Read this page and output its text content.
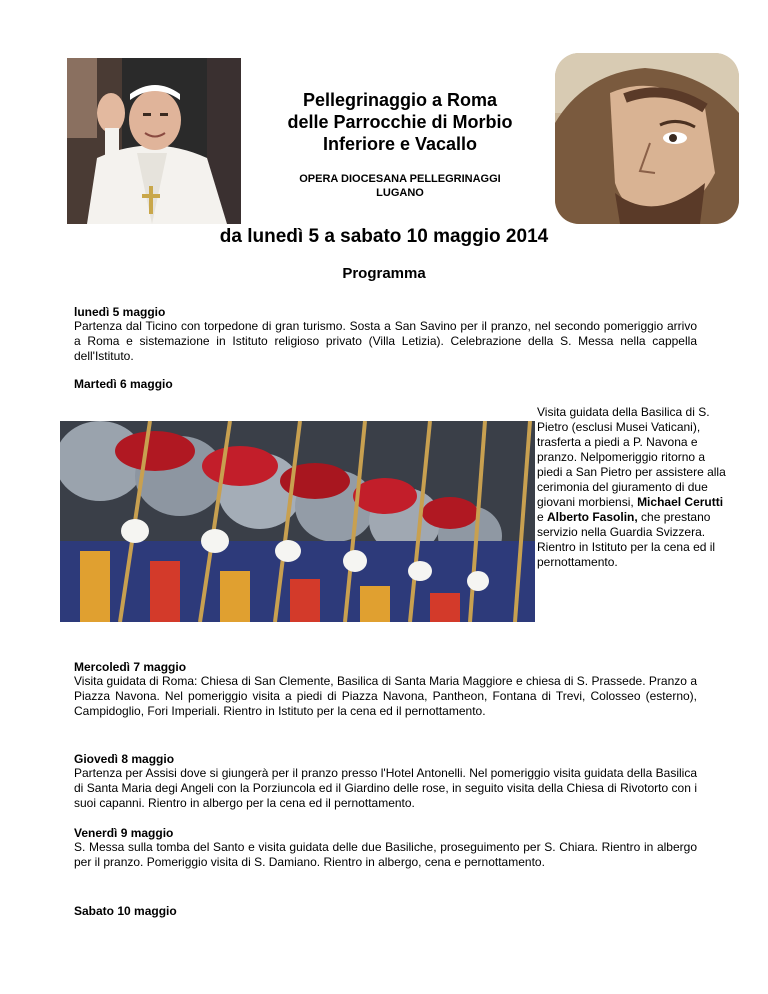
Pellegrinaggio a Roma
delle Parrocchie di Morbio
Inferiore e Vacallo
OPERA DIOCESANA PELLEGRINAGGI
LUGANO
da lunedì 5 a sabato 10 maggio 2014
Programma
lunedì 5 maggio
Partenza dal Ticino con torpedone di gran turismo. Sosta a San Savino per il pranzo, nel secondo pomeriggio arrivo a Roma e sistemazione in Istituto religioso privato (Villa Letizia). Celebrazione della S. Messa nella cappella dell'Istituto.
Martedì 6 maggio
Visita guidata della Basilica di S. Pietro (esclusi Musei Vaticani), trasferta a piedi a P. Navona e pranzo. Nelpomeriggio ritorno a piedi a San Pietro per assistere alla cerimonia del giuramento di due giovani morbiensi, Michael Cerutti e Alberto Fasolin, che prestano servizio nella Guardia Svizzera. Rientro in Istituto per la cena ed il pernottamento.
Mercoledì 7 maggio
Visita guidata di Roma: Chiesa di San Clemente, Basilica di Santa Maria Maggiore e chiesa di S. Prassede. Pranzo a Piazza Navona. Nel pomeriggio visita a piedi di Piazza Navona, Pantheon, Fontana di Trevi, Colosseo (esterno), Campidoglio, Fori Imperiali. Rientro in Istituto per la cena ed il pernottamento.
Giovedì 8 maggio
Partenza per Assisi dove si giungerà per il pranzo presso l'Hotel Antonelli. Nel pomeriggio visita guidata della Basilica di Santa Maria degi Angeli con la Porziuncola ed il Giardino delle rose, in seguito visita della Chiesa di Rivotorto con i suoi capanni. Rientro in albergo per la cena ed il pernottamento.
Venerdì 9 maggio
S. Messa sulla tomba del Santo e visita guidata delle due Basiliche, proseguimento per S. Chiara. Rientro in albergo per il pranzo. Pomeriggio visita di S. Damiano. Rientro in albergo, cena e pernottamento.
Sabato 10 maggio
